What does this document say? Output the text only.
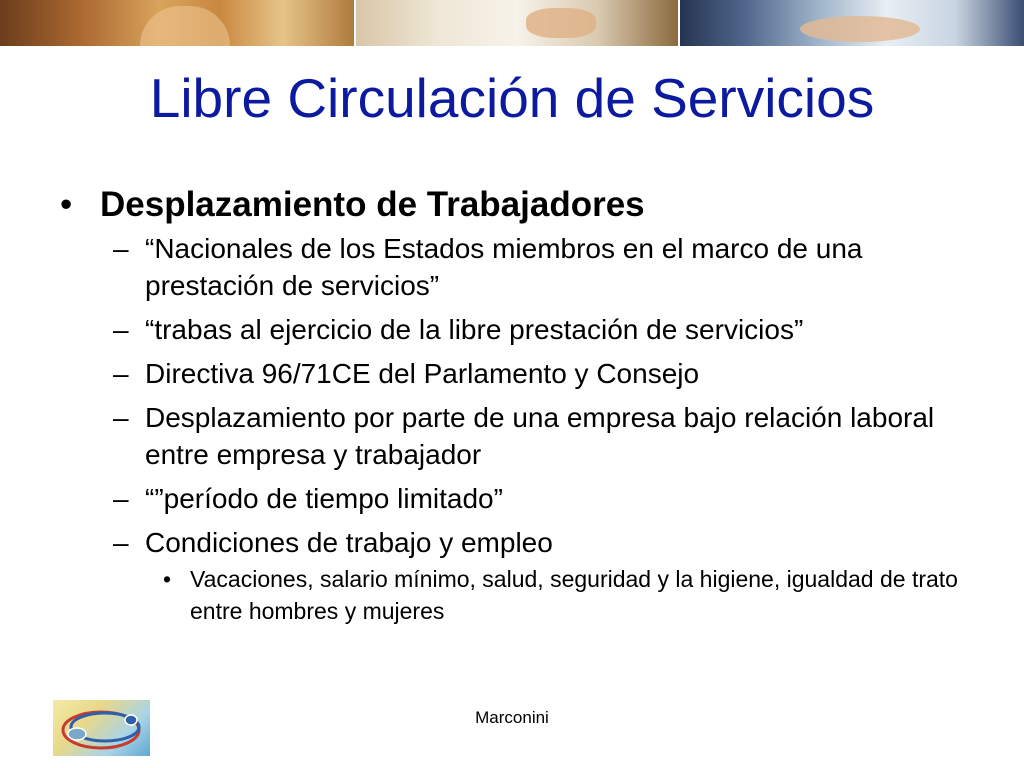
Libre Circulación de Servicios
• Desplazamiento de Trabajadores
– “Nacionales de los Estados miembros en el marco de una prestación de servicios”
– “trabas al ejercicio de la libre prestación de servicios”
– Directiva 96/71CE del Parlamento y Consejo
– Desplazamiento por parte de una empresa bajo relación laboral entre empresa y trabajador
– “”período de tiempo limitado”
– Condiciones de trabajo y empleo
• Vacaciones, salario mínimo, salud, seguridad y la higiene, igualdad de trato entre hombres y mujeres
Marconini
